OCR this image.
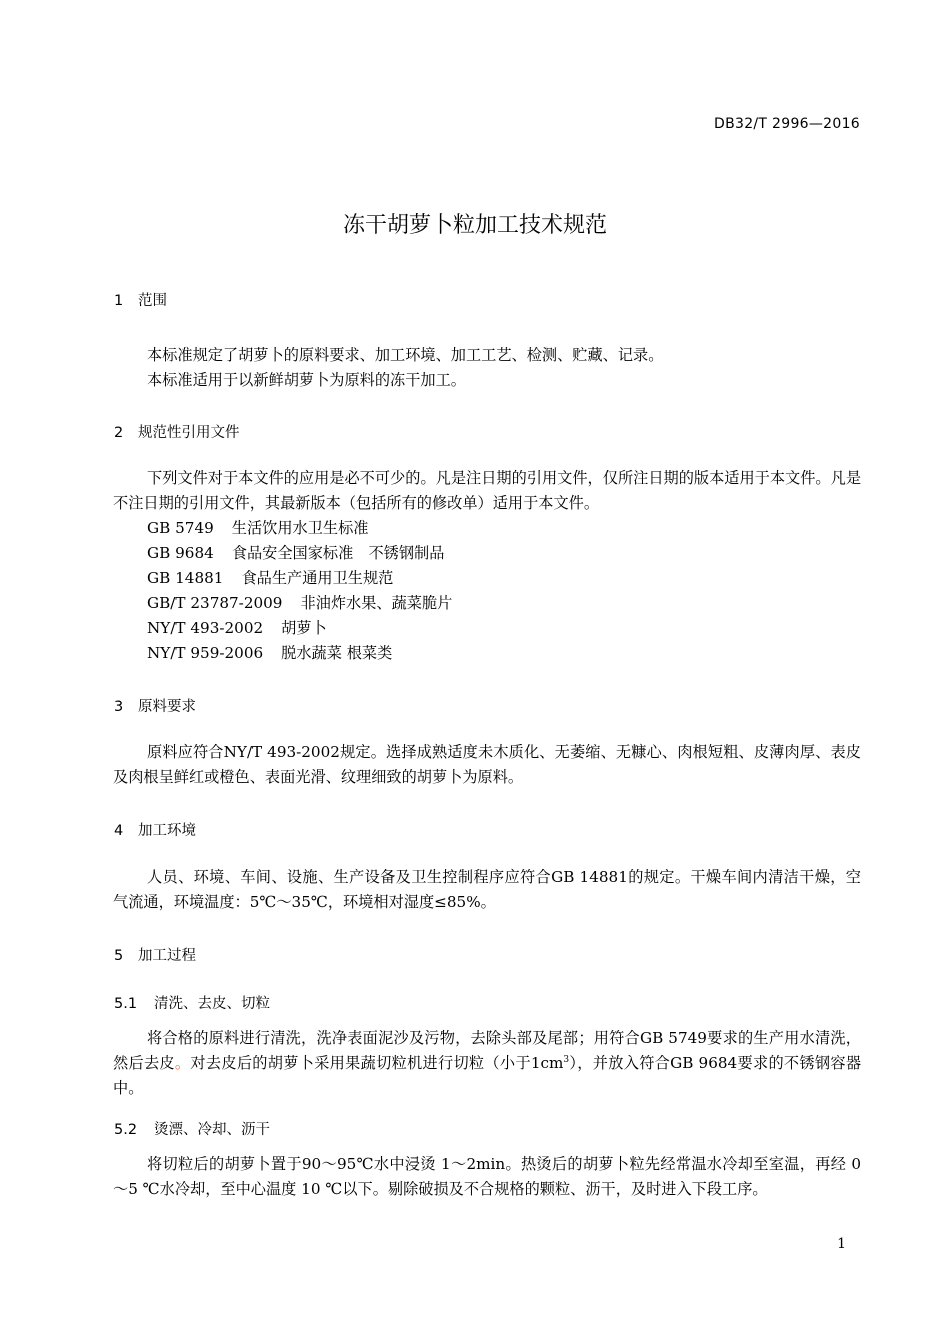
DB32/T 2996—2016
冻干胡萝卜粒加工技术规范
1 范围

本标准规定了胡萝卜的原料要求、加工环境、加工工艺、检测、贮藏、记录。

本标准适用于以新鲜胡萝卜为原料的冻干加工。

2 规范性引用文件

下列文件对于本文件的应用是必不可少的。凡是注日期的引用文件，仅所注日期的版本适用于本文件。凡是不注日期的引用文件，其最新版本（包括所有的修改单）适用于本文件。

GB 5749 生活饮用水卫生标准

GB 9684 食品安全国家标准　不锈钢制品

GB 14881 食品生产通用卫生规范

GB/T 23787-2009 非油炸水果、蔬菜脆片

NY/T 493-2002 胡萝卜

NY/T 959-2006 脱水蔬菜 根菜类

3 原料要求

原料应符合NY/T 493-2002规定。选择成熟适度未木质化、无萎缩、无糠心、肉根短粗、皮薄肉厚、表皮及肉根呈鲜红或橙色、表面光滑、纹理细致的胡萝卜为原料。

4 加工环境

人员、环境、车间、设施、生产设备及卫生控制程序应符合GB 14881的规定。干燥车间内清洁干燥，空气流通，环境温度：5℃～35℃，环境相对湿度≤85%。

5 加工过程
5.1 清洗、去皮、切粒

将合格的原料进行清洗，洗净表面泥沙及污物，去除头部及尾部；用符合GB 5749要求的生产用水清洗，然后去皮。对去皮后的胡萝卜采用果蔬切粒机进行切粒（小于$1cm^3$），并放入符合GB 9684要求的不锈钢容器中。

5.2 烫漂、冷却、沥干

将切粒后的胡萝卜置于90～95℃水中浸烫 1～2min。热烫后的胡萝卜粒先经常温水冷却至室温，再经 0～5 ℃水冷却，至中心温度 10 ℃以下。剔除破损及不合规格的颗粒、沥干，及时进入下段工序。

1
